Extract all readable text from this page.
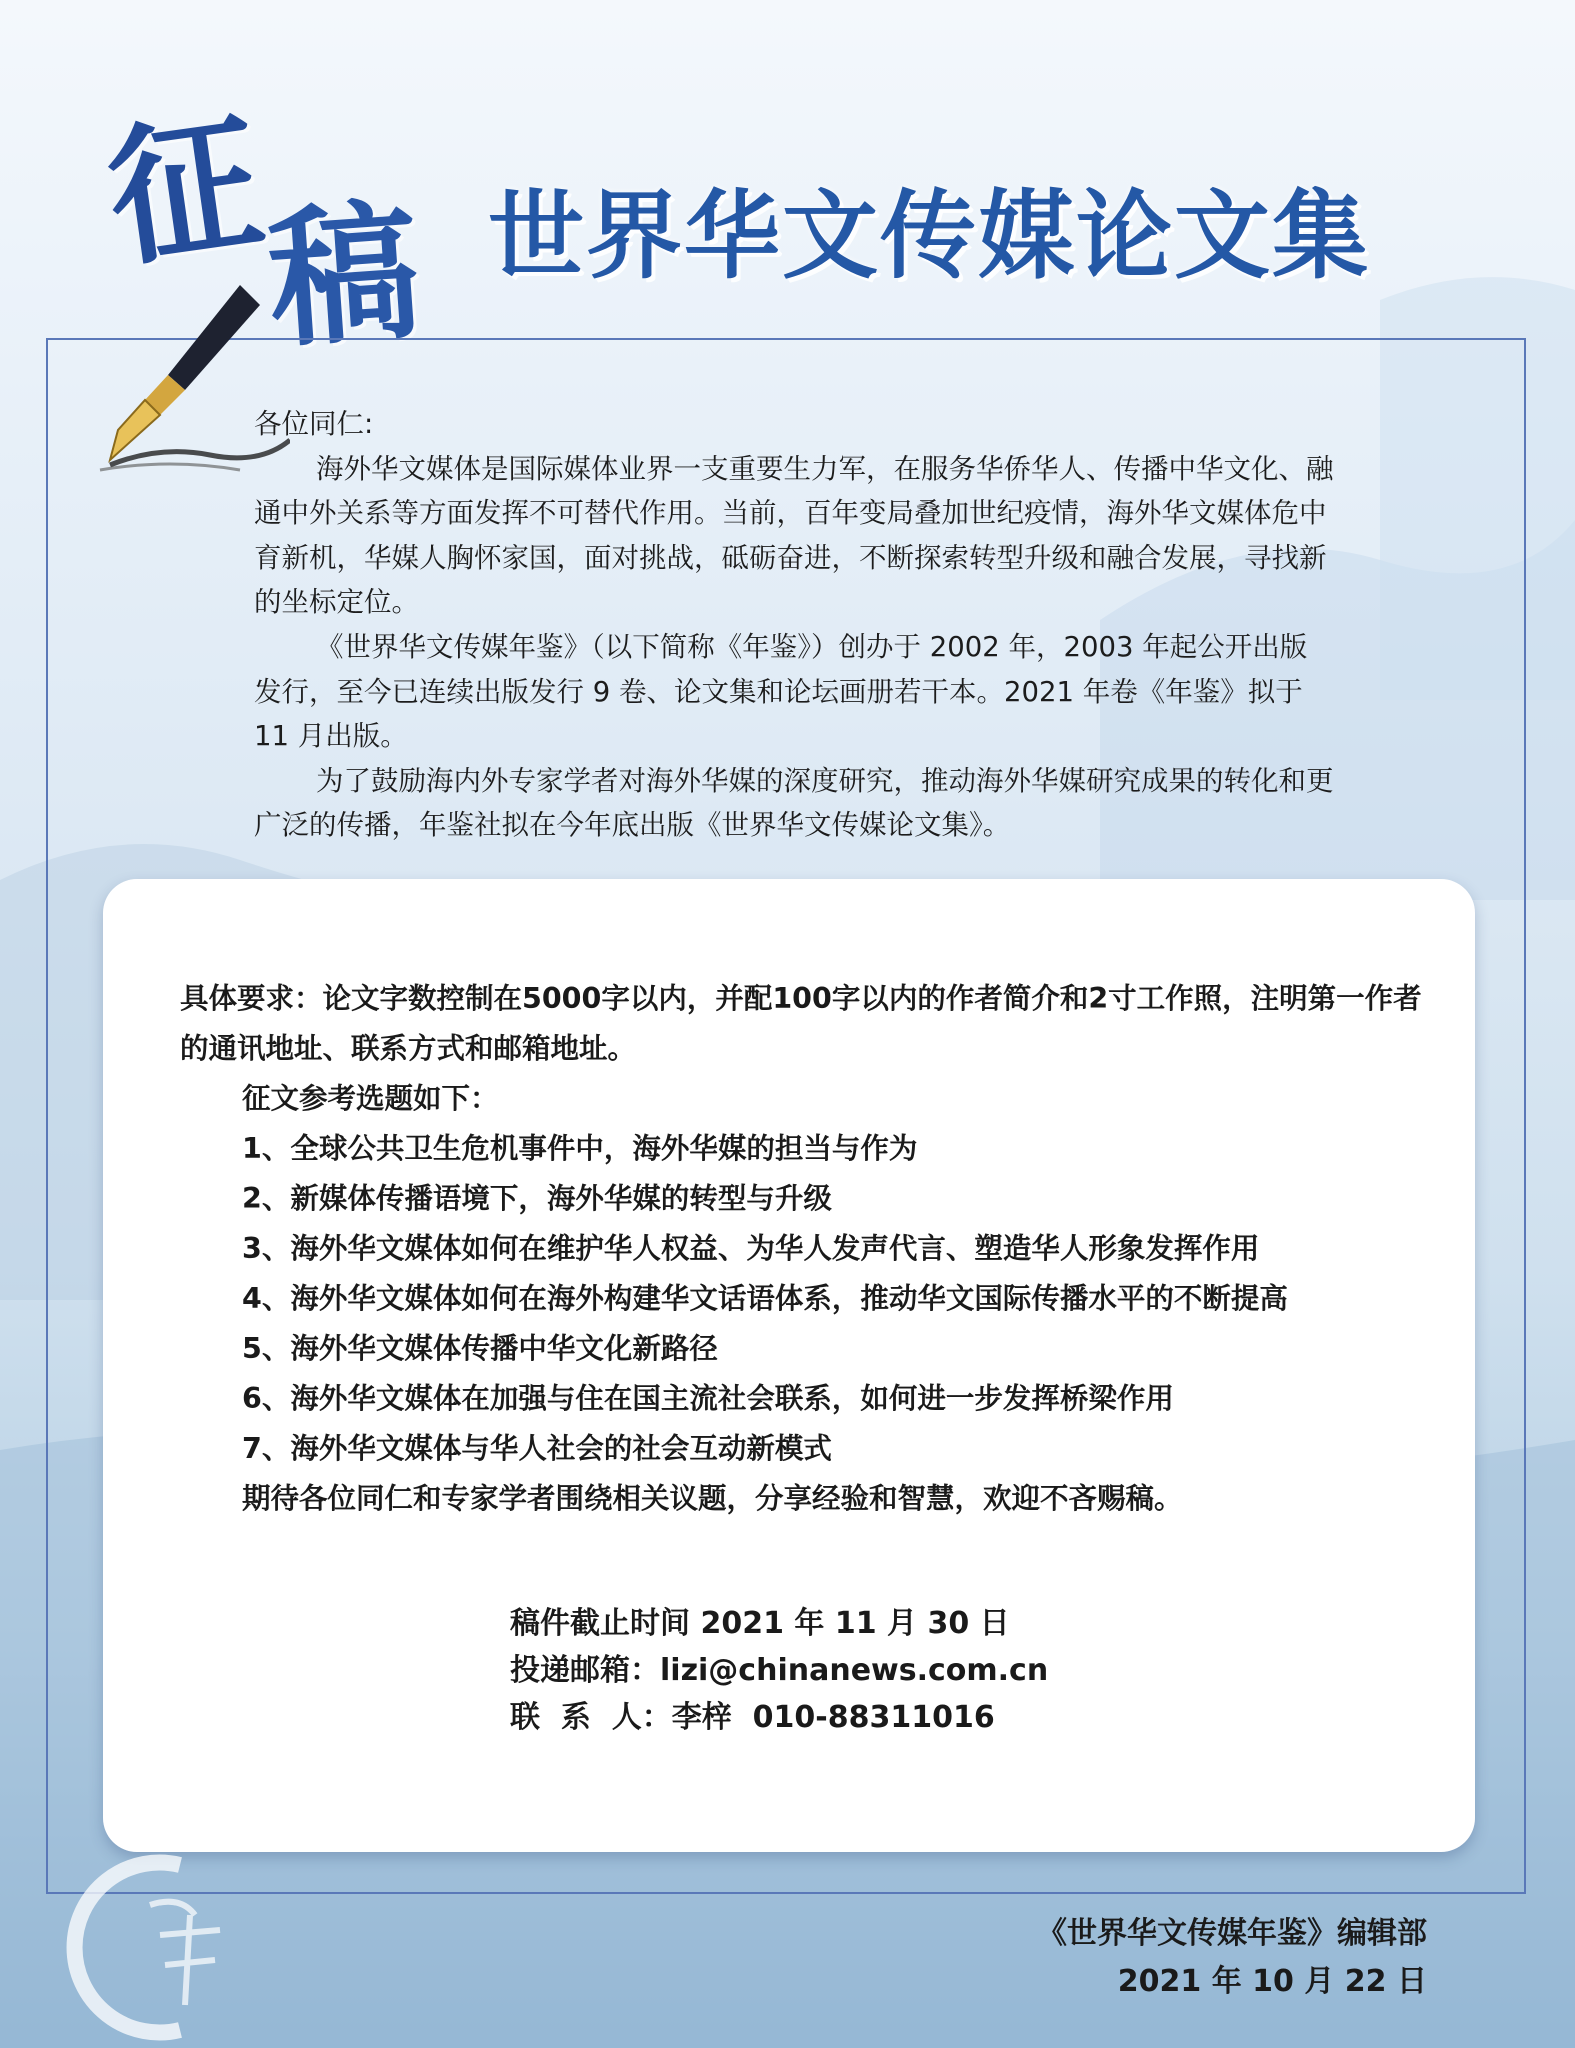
征
稿 世界华文传媒论文集

各位同仁:

海外华文媒体是国际媒体业界一支重要生力军，在服务华侨华人、传播中华文化、融通中外关系等方面发挥不可替代作用。当前，百年变局叠加世纪疫情，海外华文媒体危中育新机，华媒人胸怀家国，面对挑战，砥砺奋进，不断探索转型升级和融合发展，寻找新的坐标定位。

《世界华文传媒年鉴》（以下简称《年鉴》）创办于 2002 年，2003 年起公开出版发行，至今已连续出版发行 9 卷、论文集和论坛画册若干本。2021 年卷《年鉴》拟于 11 月出版。

为了鼓励海内外专家学者对海外华媒的深度研究，推动海外华媒研究成果的转化和更广泛的传播，年鉴社拟在今年底出版《世界华文传媒论文集》。

具体要求：论文字数控制在5000字以内，并配100字以内的作者简介和2寸工作照，注明第一作者的通讯地址、联系方式和邮箱地址。

征文参考选题如下：

1、全球公共卫生危机事件中，海外华媒的担当与作为

2、新媒体传播语境下，海外华媒的转型与升级

3、海外华文媒体如何在维护华人权益、为华人发声代言、塑造华人形象发挥作用

4、海外华文媒体如何在海外构建华文话语体系，推动华文国际传播水平的不断提高

5、海外华文媒体传播中华文化新路径

6、海外华文媒体在加强与住在国主流社会联系，如何进一步发挥桥梁作用

7、海外华文媒体与华人社会的社会互动新模式

期待各位同仁和专家学者围绕相关议题，分享经验和智慧，欢迎不吝赐稿。

稿件截止时间 2021 年 11 月 30 日

投递邮箱：lizi@chinanews.com.cn

联  系  人：李梓  010-88311016

《世界华文传媒年鉴》编辑部

2021 年 10 月 22 日
